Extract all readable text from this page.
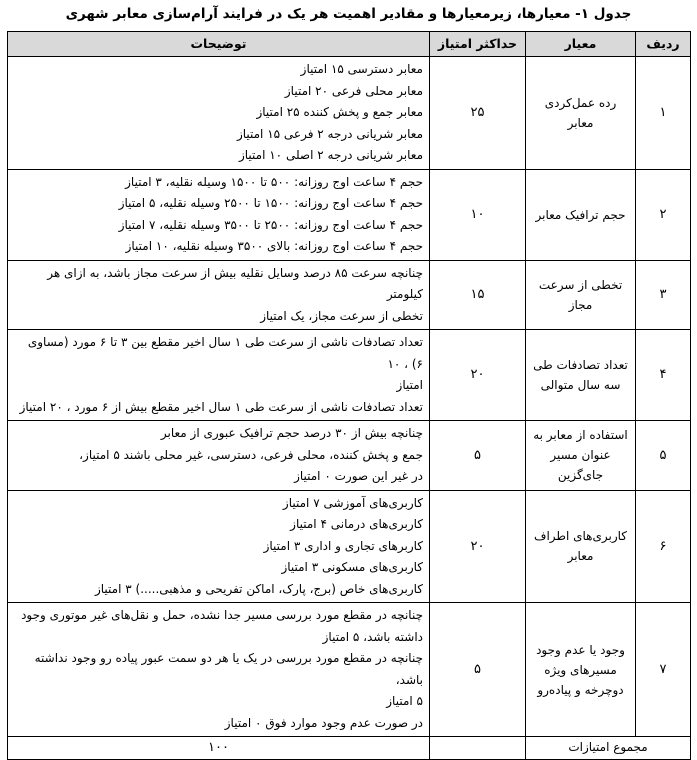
جدول ۱- معیارها، زیرمعیارها و مقادیر اهمیت هر یک در فرایند آرام‌سازی معابر شهری
ردیف	معیار	حداکثر امتیاز	توضیحات
۱	رده عمل‌کردی معابر	۲۵	معابر دسترسی ۱۵ امتیاز
معابر محلی فرعی ۲۰ امتیاز
معابر جمع و پخش کننده ۲۵ امتیاز
معابر شریانی درجه ۲ فرعی ۱۵ امتیاز
معابر شریانی درجه ۲ اصلی ۱۰ امتیاز

۲	حجم ترافیک معابر	۱۰	حجم ۴ ساعت اوج روزانه: ۵۰۰ تا ۱۵۰۰ وسیله نقلیه، ۳ امتیاز
حجم ۴ ساعت اوج روزانه: ۱۵۰۰ تا ۲۵۰۰ وسیله نقلیه، ۵ امتیاز
حجم ۴ ساعت اوج روزانه: ۲۵۰۰ تا ۳۵۰۰ وسیله نقلیه، ۷ امتیاز
حجم ۴ ساعت اوج روزانه: بالای ۳۵۰۰ وسیله نقلیه، ۱۰ امتیاز

۳	تخطی از سرعت مجاز	۱۵	چنانچه سرعت ۸۵ درصد وسایل نقلیه بیش از سرعت مجاز باشد، به ازای هر کیلومتر
تخطی از سرعت مجاز، یک امتیاز

۴	تعداد تصادفات طی سه سال متوالی	۲۰	تعداد تصادفات ناشی از سرعت طی ۱ سال اخیر مقطع بین ۳ تا ۶ مورد (مساوی ۶) ، ۱۰
امتیاز
تعداد تصادفات ناشی از سرعت طی ۱ سال اخیر مقطع بیش از ۶ مورد ، ۲۰ امتیاز

۵	استفاده از معابر به عنوان مسیر جای‌گزین	۵	چنانچه بیش از ۳۰ درصد حجم ترافیک عبوری از معابر
جمع و پخش کننده، محلی فرعی، دسترسی، غیر محلی باشند ۵ امتیاز،
در غیر این صورت ۰ امتیاز

۶	کاربری‌های اطراف معابر	۲۰	کاربری‌های آموزشی ۷ امتیاز
کاربری‌های درمانی ۴ امتیاز
کاربرهای تجاری و اداری ۳ امتیاز
کاربری‌های مسکونی ۳ امتیاز
کاربری‌های خاص (برج، پارک، اماکن تفریحی و مذهبی.....) ۳ امتیاز

۷	وجود یا عدم وجود مسیرهای ویژه دوچرخه و پیاده‌رو	۵	چنانچه در مقطع مورد بررسی مسیر جدا نشده، حمل و نقل‌های غیر موتوری وجود
داشته باشد، ۵ امتیاز
چنانچه در مقطع مورد بررسی در یک یا هر دو سمت عبور پیاده رو وجود نداشته باشد،
۵ امتیاز
در صورت عدم وجود موارد فوق ۰ امتیاز

مجموع امتیازات			۱۰۰
